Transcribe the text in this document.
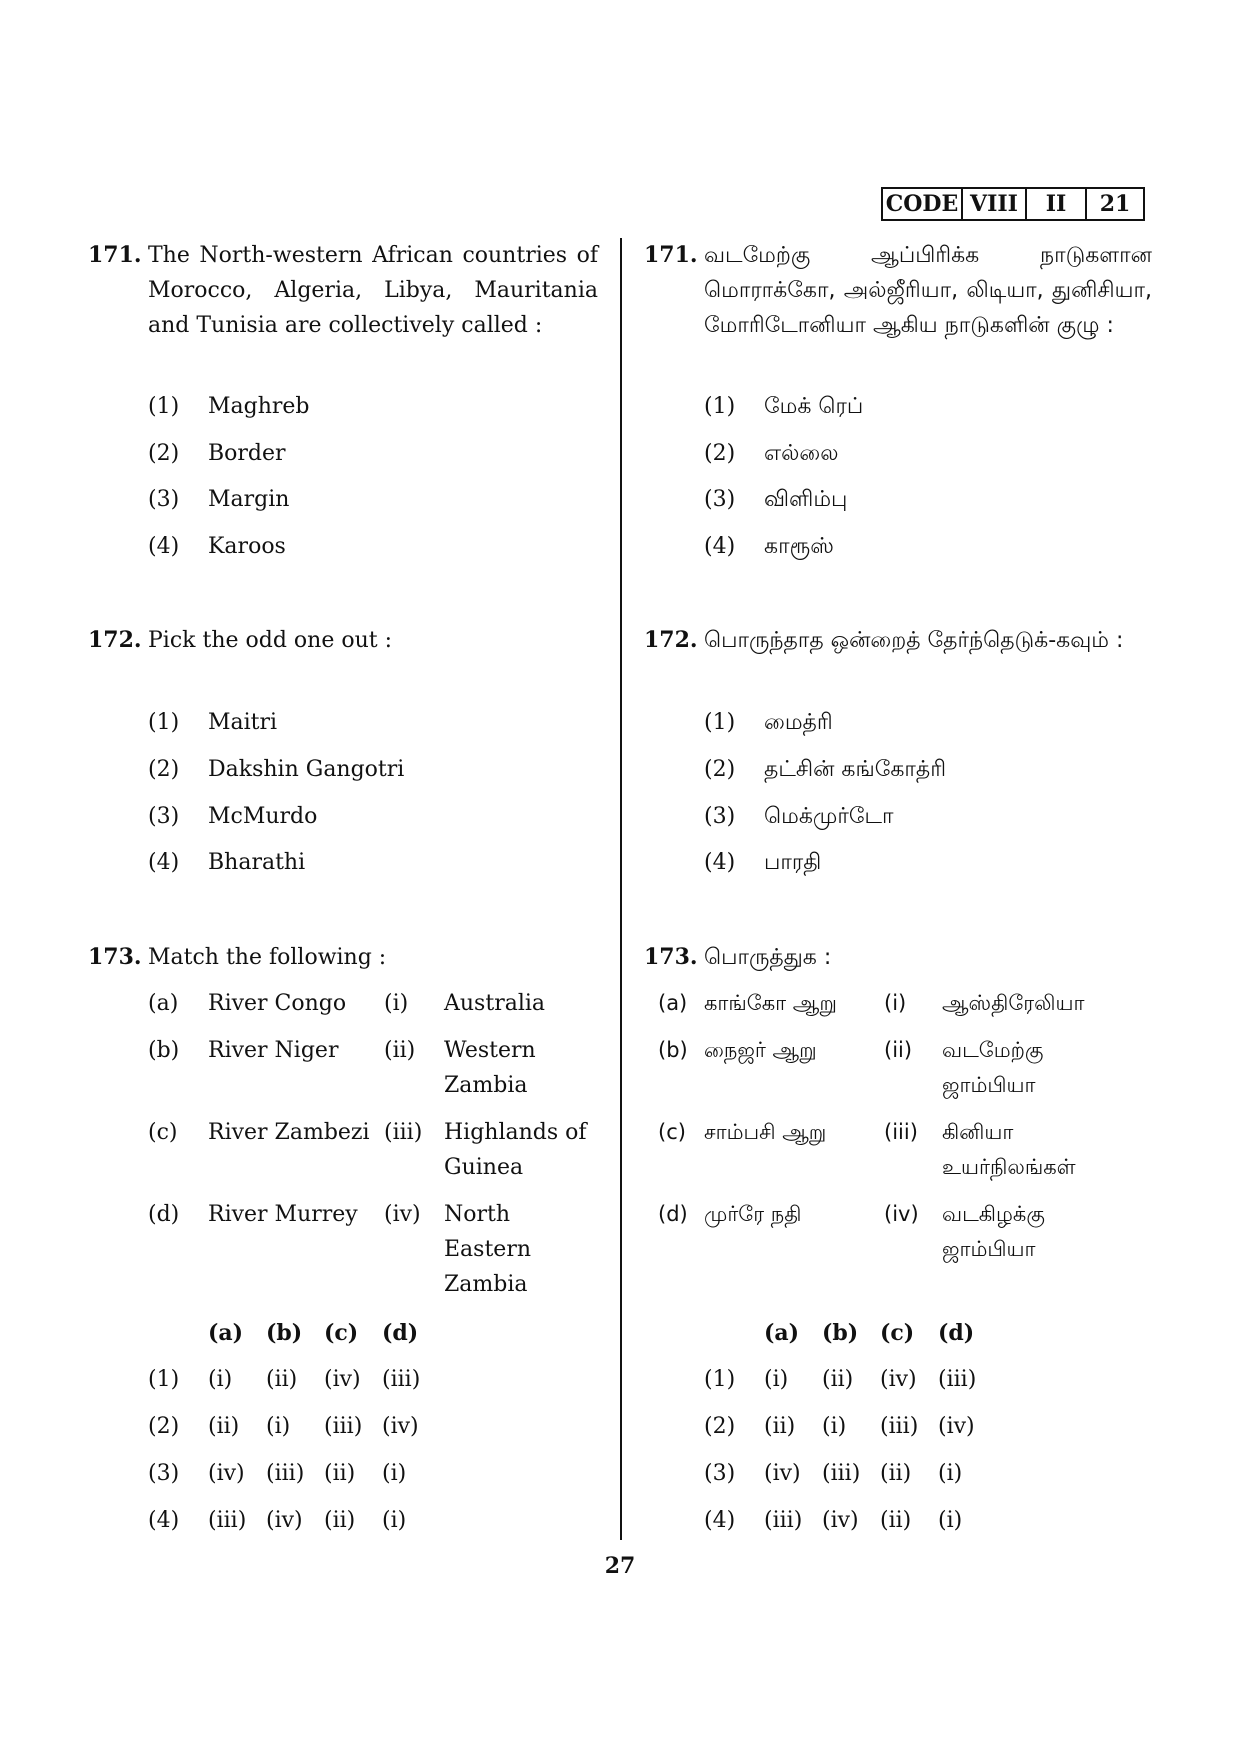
CODE VIII	II	21
171. The North-western African countries of Morocco, Algeria, Libya, Mauritania and Tunisia are collectively called :
(1)	Maghreb
(2)	Border
(3)	Margin
(4)	Karoos
172. Pick the odd one out :
(1)	Maitri
(2)	Dakshin Gangotri
(3)	McMurdo
(4)	Bharathi
173. Match the following :
(a)	River Congo	(i)	Australia
(b)	River Niger	(ii)	Western Zambia
(c)	River Zambezi (iii) Highlands of Guinea
(d)	River Murrey	(iv)	North Eastern Zambia
(a)	(b) (c)	(d)
(1)	(i)	(ii)	(iv) (iii)
(2)	(ii)	(i)	(iii) (iv)
(3)	(iv) (iii) (ii)	(i)
(4)	(iii) (iv) (ii)	(i)
171. வடமேற்கு ஆப்பிரிக்க நாடுகளான மொராக்கோ, அல்ஜீரியா, லிடியா, துனிசியா, மோரிடோனியா ஆகிய நாடுகளின் குழு :
(1)	மேக் ரெப்
(2)	எல்லை
(3)	விளிம்பு
(4)	காரூஸ்
172. பொருந்தாத ஒன்றைத் தேர்ந்தெடுக்-கவும் :
(1)	மைத்ரி
(2)	தட்சின் கங்கோத்ரி
(3)	மெக்முர்டோ
(4)	பாரதி
173. பொருத்துக :
(a) காங்கோ ஆறு	(i)	ஆஸ்திரேலியா
(b) நைஜர் ஆறு	(ii)	வடமேற்கு ஜாம்பியா
(c) சாம்பசி ஆறு	(iii)	கினியா உயர்நிலங்கள்
(d) முர்ரே நதி	(iv)	வடகிழக்கு ஜாம்பியா
(a)	(b) (c)	(d)
(1)	(i)	(ii)	(iv) (iii)
(2)	(ii)	(i)	(iii) (iv)
(3)	(iv) (iii) (ii)	(i)
(4)	(iii) (iv) (ii)	(i)
27
